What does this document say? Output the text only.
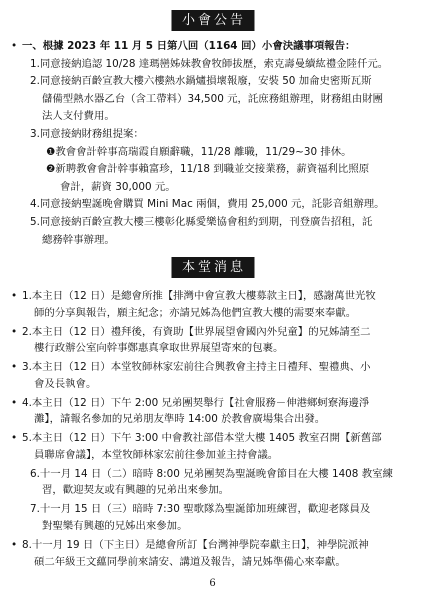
小會公告
• 一、根據 2023 年 11 月 5 日第八回（1164 回）小會決議事項報告：
1.同意接納追認 10/28 達瑪巒姊妹教會牧師拔歷，索克壽曼續紘禮金陸仟元。
2.同意接納百齡宣教大樓六樓熱水鍋爐損壞報廢，安裝 50 加侖史密斯瓦斯
儲備型熱水器乙台（含工帶料）34,500 元，託庶務組辦理，財務組由財團
法人支付費用。
3.同意接納財務組提案：
❶教會會計幹事高瑞霞自願辭職，11/28 離職，11/29~30 排休。
❷新聘教會會計幹事賴富珍，11/18 到職並交接業務，薪資福利比照原
會計，薪資 30,000 元。
4.同意接納聖誕晚會購買 Mini Mac 兩個，費用 25,000 元，託影音組辦理。
5.同意接納百齡宣教大樓三樓彰化縣愛樂協會租約到期，刊登廣告招租，託
總務幹事辦理。
本堂消息
• 1.本主日（12 日）是總會所推【排灣中會宣教大樓募款主日】，感謝萬世光牧
師的分享與報告，願主紀念；亦請兄姊為他們宣教大樓的需要來奉獻。
• 2.本主日（12 日）禮拜後，有資助【世界展望會國內外兒童】的兄姊請至二
樓行政辦公室向幹事鄭惠真拿取世界展望寄來的包裹。
• 3.本主日（12 日）本堂牧師林家宏前往合興教會主持主日禮拜、聖禮典、小
會及長執會。
• 4.本主日（12 日）下午 2:00 兄弟團契舉行【社會服務－伸港鄉蚵寮海邊淨
灘】，請報名參加的兄弟朋友準時 14:00 於教會廣場集合出發。
• 5.本主日（12 日）下午 3:00 中會教社部借本堂大樓 1405 教室召開【新舊部
員聯席會議】，本堂牧師林家宏前往參加並主持會議。
6.十一月 14 日（二）暗時 8:00 兄弟團契為聖誕晚會節目在大樓 1408 教室練
習，歡迎契友或有興趣的兄弟出來參加。
7.十一月 15 日（三）暗時 7:30 聖歌隊為聖誕節加班練習，歡迎老隊員及
對聖樂有興趣的兄姊出來參加。
• 8.十一月 19 日（下主日）是總會所訂【台灣神學院奉獻主日】，神學院派神
碩二年級王文蘊同學前來請安、講道及報告，請兄姊準備心來奉獻。
6
